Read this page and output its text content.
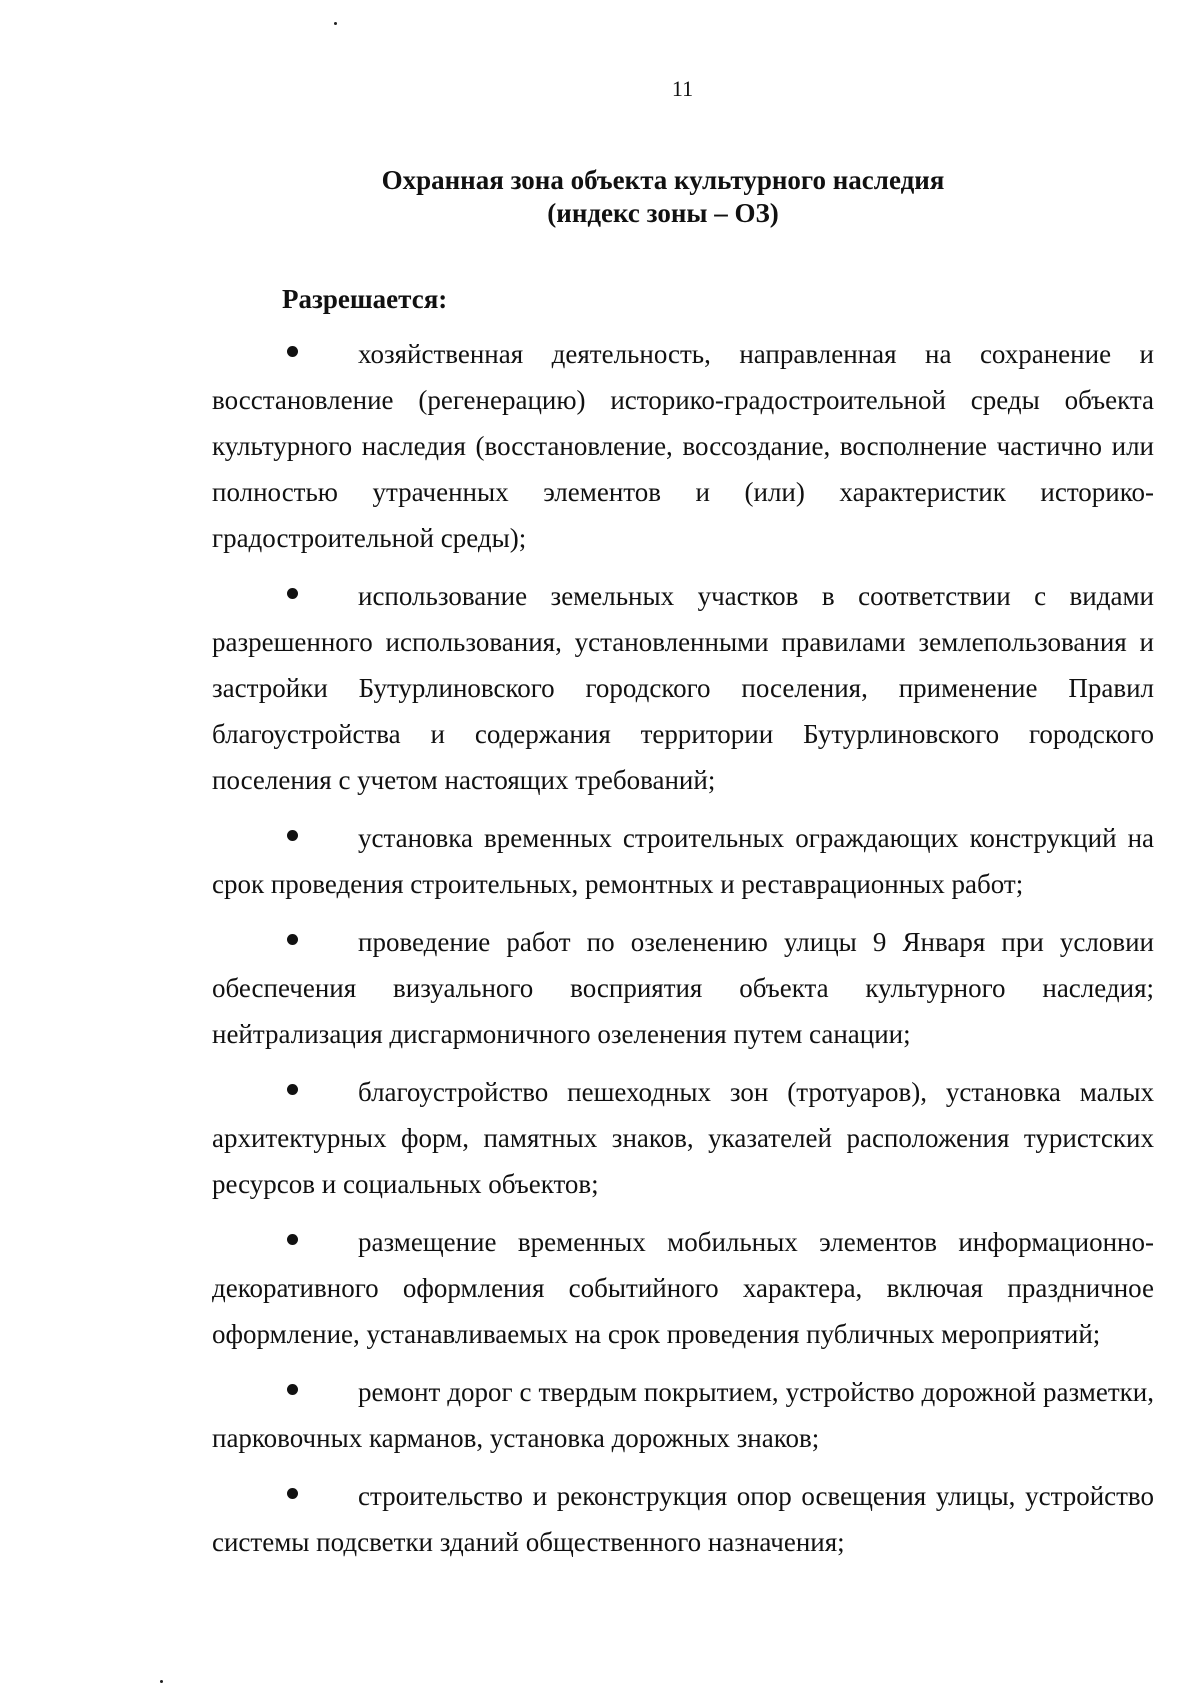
11
Охранная зона объекта культурного наследия
(индекс зоны – ОЗ)
Разрешается:
хозяйственная деятельность, направленная на сохранение и восстановление (регенерацию) историко-градостроительной среды объекта культурного наследия (восстановление, воссоздание, восполнение частично или полностью утраченных элементов и (или) характеристик историко-градостроительной среды);
использование земельных участков в соответствии с видами разрешенного использования, установленными правилами землепользования и застройки Бутурлиновского городского поселения, применение Правил благоустройства и содержания территории Бутурлиновского городского поселения с учетом настоящих требований;
установка временных строительных ограждающих конструкций на срок проведения строительных, ремонтных и реставрационных работ;
проведение работ по озеленению улицы 9 Января при условии обеспечения визуального восприятия объекта культурного наследия; нейтрализация дисгармоничного озеленения путем санации;
благоустройство пешеходных зон (тротуаров), установка малых архитектурных форм, памятных знаков, указателей расположения туристских ресурсов и социальных объектов;
размещение временных мобильных элементов информационно-декоративного оформления событийного характера, включая праздничное оформление, устанавливаемых на срок проведения публичных мероприятий;
ремонт дорог с твердым покрытием, устройство дорожной разметки, парковочных карманов, установка дорожных знаков;
строительство и реконструкция опор освещения улицы, устройство системы подсветки зданий общественного назначения;
